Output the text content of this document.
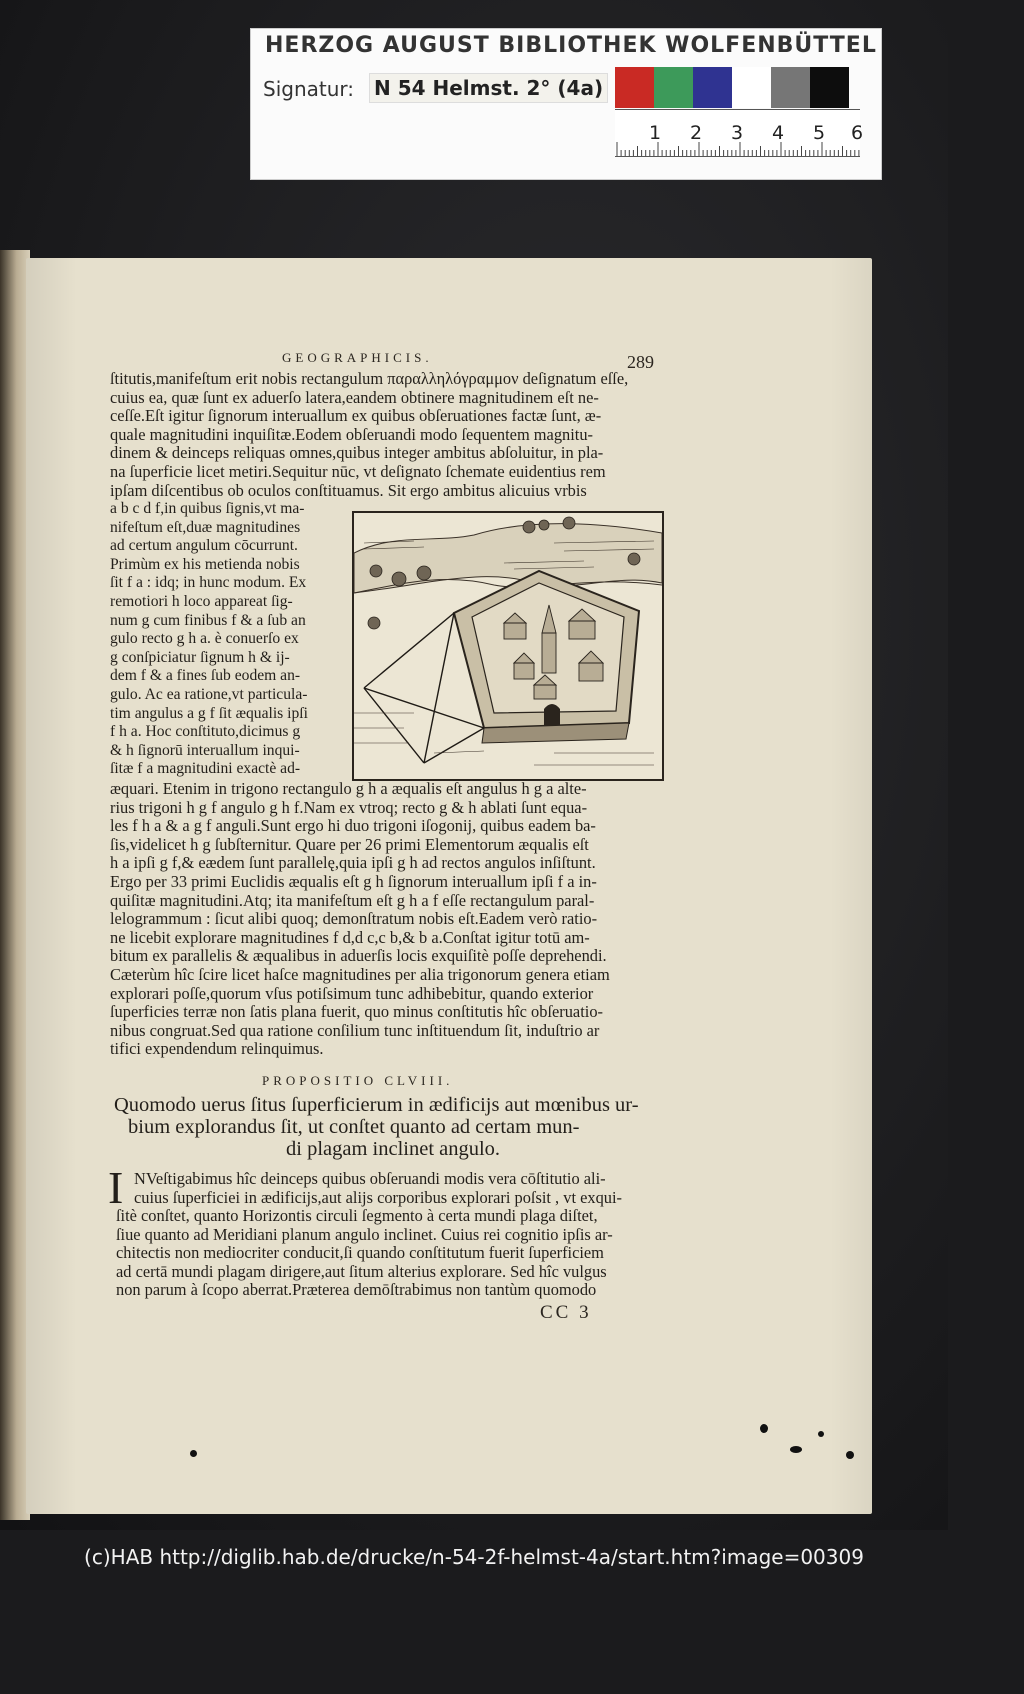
HERZOG AUGUST BIBLIOTHEK WOLFENBÜTTEL
Signatur: N 54 Helmst. 2° (4a)
1 2 3 4 5 6
GEOGRAPHICIS.	289
ſtitutis,manifeſtum erit nobis rectangulum παραλληλόγραμμον deſignatum eſſe,
cuius ea, quæ ſunt ex aduerſo latera,eandem obtinere magnitudinem eſt ne-
ceſſe.Eſt igitur ſignorum interuallum ex quibus obſeruationes factæ ſunt, æ-
quale magnitudini inquiſitæ.Eodem obſeruandi modo ſequentem magnitu-
dinem & deinceps reliquas omnes,quibus integer ambitus abſoluitur, in pla-
na ſuperficie licet metiri.Sequitur nūc, vt deſignato ſchemate euidentius rem
ipſam diſcentibus ob oculos conſtituamus. Sit ergo ambitus alicuius vrbis
a b c d f,in quibus ſignis,vt ma-
nifeſtum eſt,duæ magnitudines
ad certum angulum cōcurrunt.
Primùm ex his metienda nobis
ſit f a : idq; in hunc modum. Ex
remotiori h loco appareat ſig-
num g cum finibus f & a ſub an
gulo recto g h a. è conuerſo ex
g conſpiciatur ſignum h & ij-
dem f & a fines ſub eodem an-
gulo. Ac ea ratione,vt particula-
tim angulus a g f ſit æqualis ipſi
f h a. Hoc conſtituto,dicimus g
& h ſignorū interuallum inqui-
ſitæ f a magnitudini exactè ad-
æquari. Etenim in trigono rectangulo g h a æqualis eſt angulus h g a alte-
rius trigoni h g f angulo g h f.Nam ex vtroq; recto g & h ablati ſunt equa-
les f h a & a g f anguli.Sunt ergo hi duo trigoni iſogonij, quibus eadem ba-
ſis,videlicet h g ſubſternitur. Quare per 26 primi Elementorum æqualis eſt
h a ipſi g f,& eædem ſunt parallelę,quia ipſi g h ad rectos angulos inſiſtunt.
Ergo per 33 primi Euclidis æqualis eſt g h ſignorum interuallum ipſi f a in-
quiſitæ magnitudini.Atq; ita manifeſtum eſt g h a f eſſe rectangulum paral-
lelogrammum : ſicut alibi quoq; demonſtratum nobis eſt.Eadem verò ratio-
ne licebit explorare magnitudines f d,d c,c b,& b a.Conſtat igitur totū am-
bitum ex parallelis & æqualibus in aduerſis locis exquiſitè poſſe deprehendi.
Cæterùm hîc ſcire licet haſce magnitudines per alia trigonorum genera etiam
explorari poſſe,quorum vſus potiſsimum tunc adhibebitur, quando exterior
ſuperficies terræ non ſatis plana fuerit, quo minus conſtitutis hîc obſeruatio-
nibus congruat.Sed qua ratione conſilium tunc inſtituendum ſit, induſtrio ar
tifici expendendum relinquimus.
PROPOSITIO CLVIII.
Quomodo uerus ſitus ſuperficierum in ædificijs aut mœnibus ur-
bium explorandus ſit, ut conſtet quanto ad certam mun-
di plagam inclinet angulo.
I NVeſtigabimus hîc deinceps quibus obſeruandi modis vera cōſtitutio ali-
cuius ſuperficiei in ædificijs,aut alijs corporibus explorari poſsit , vt exqui-
ſitè conſtet, quanto Horizontis circuli ſegmento à certa mundi plaga diſtet,
ſiue quanto ad Meridiani planum angulo inclinet. Cuius rei cognitio ipſis ar-
chitectis non mediocriter conducit,ſi quando conſtitutum fuerit ſuperficiem
ad certā mundi plagam dirigere,aut ſitum alterius explorare. Sed hîc vulgus
non parum à ſcopo aberrat.Præterea demōſtrabimus non tantùm quomodo
CC 3
(c)HAB http://diglib.hab.de/drucke/n-54-2f-helmst-4a/start.htm?image=00309
